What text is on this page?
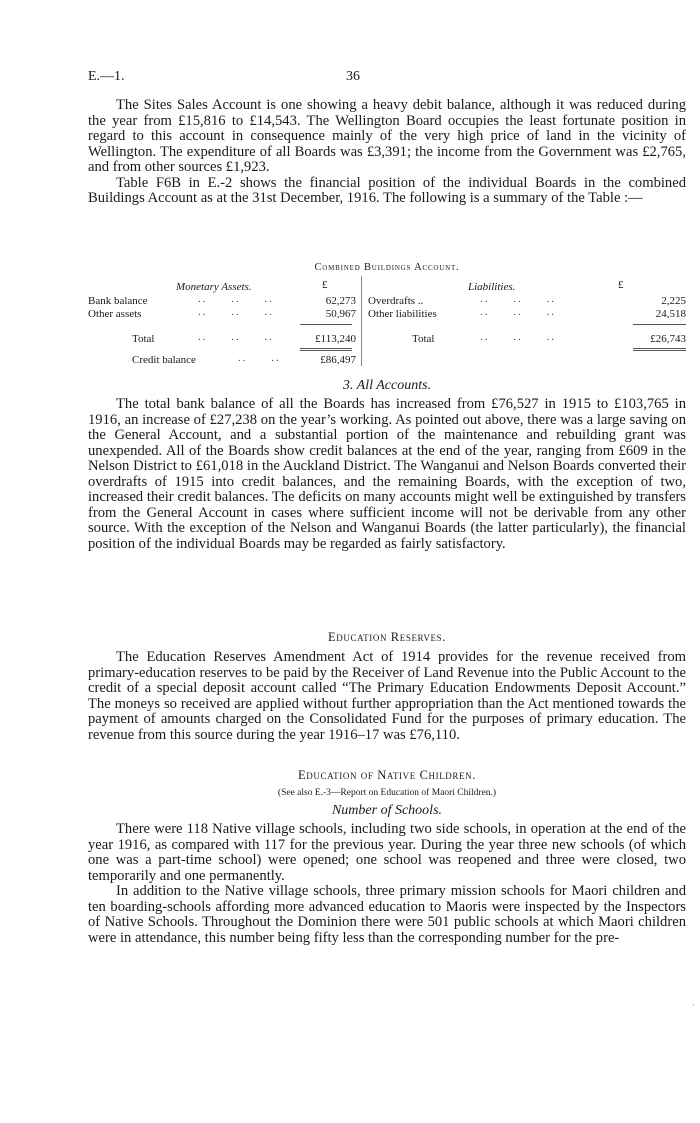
E.—1.	36

The Sites Sales Account is one showing a heavy debit balance, although it was reduced during the year from £15,816 to £14,543. The Wellington Board occupies the least fortunate position in regard to this account in consequence mainly of the very high price of land in the vicinity of Wellington. The expenditure of all Boards was £3,391; the income from the Government was £2,765, and from other sources £1,923.

Table F6B in E.-2 shows the financial position of the individual Boards in the combined Buildings Account as at the 31st December, 1916. The following is a summary of the Table :—

Combined Buildings Account.
Monetary Assets.	£	Liabilities.	£
Bank balance	..     ..     ..	62,273 Overdrafts ..	..     ..     ..	2,225
Other assets	..     ..     ..	50,967 Other liabilities	..     ..     ..	24,518
Total	..     ..     ..	£113,240	Total	..     ..     ..	£26,743
Credit balance	..     ..	£86,497
3. All Accounts.

The total bank balance of all the Boards has increased from £76,527 in 1915 to £103,765 in 1916, an increase of £27,238 on the year’s working. As pointed out above, there was a large saving on the General Account, and a substantial portion of the maintenance and rebuilding grant was unexpended. All of the Boards show credit balances at the end of the year, ranging from £609 in the Nelson District to £61,018 in the Auckland District. The Wanganui and Nelson Boards converted their overdrafts of 1915 into credit balances, and the remaining Boards, with the exception of two, increased their credit balances. The deficits on many accounts might well be extinguished by transfers from the General Account in cases where sufficient income will not be derivable from any other source. With the exception of the Nelson and Wanganui Boards (the latter particularly), the financial position of the individual Boards may be regarded as fairly satisfactory.

Education Reserves.

The Education Reserves Amendment Act of 1914 provides for the revenue received from primary-education reserves to be paid by the Receiver of Land Revenue into the Public Account to the credit of a special deposit account called “The Primary Education Endowments Deposit Account.” The moneys so received are applied without further appropriation than the Act mentioned towards the payment of amounts charged on the Consolidated Fund for the purposes of primary education. The revenue from this source during the year 1916–17 was £76,110.

Education of Native Children.
(See also E.-3—Report on Education of Maori Children.)
Number of Schools.

There were 118 Native village schools, including two side schools, in operation at the end of the year 1916, as compared with 117 for the previous year. During the year three new schools (of which one was a part-time school) were opened; one school was reopened and three were closed, two temporarily and one permanently.

In addition to the Native village schools, three primary mission schools for Maori children and ten boarding-schools affording more advanced education to Maoris were inspected by the Inspectors of Native Schools. Throughout the Dominion there were 501 public schools at which Maori children were in attendance, this number being fifty less than the corresponding number for the pre-

·
